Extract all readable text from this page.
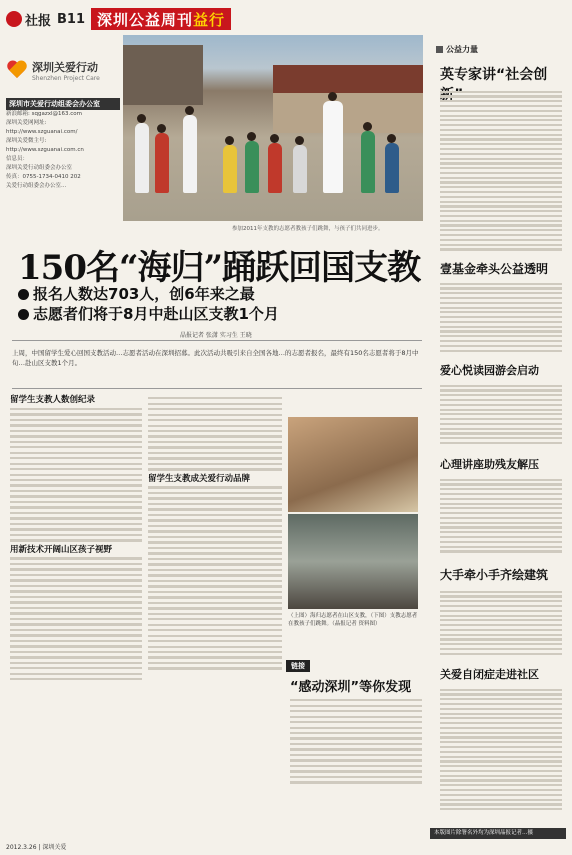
社报 B11 深圳公益周刊 益行
深圳关爱行动
Shenzhen Project Care
深圳市关爱行动组委会办公室
新浪邮箱: sqgazxl@163.com
深圳关爱网网址:
http://www.szguanai.com/
深圳关爱微主号:
http://www.szguanai.com.cn
信息员：
深圳关爱行动组委会办公室
传真：0755-1734-0410 202
关爱行动组委会办公室...
参加2011年支教的志愿者教孩子们跳舞，与孩子们共同进步。
150名“海归”踊跃回国支教
报名人数达703人，创6年来之最
志愿者们将于8月中赴山区支教1个月
晶报记者 张潇 实习生 王晓
上周，中国留学生爱心回国支教活动…志愿者活动在深圳招募。此次活动共吸引来自全国各地…的志愿者报名，最终有150名志愿者将于8月中旬…赴山区支教1个月。
留学生支教人数创纪录
用新技术开阔山区孩子视野
留学生支教成关爱行动品牌
（上图）海归志愿者在山区支教，（下图）支教志愿者在教孩子们跳舞。（晶报记者 资料图）
链接
“感动深圳”等你发现
公益力量
英专家讲“社会创
壹基金牵头公益透明
爱心悦读园游会启动
心理讲座助残友解压
大手牵小手齐绘建筑
关爱自闭症走进社区
本版图片除署名外均为深圳晶报记者…摄
2012.3.26 | 深圳关爱
